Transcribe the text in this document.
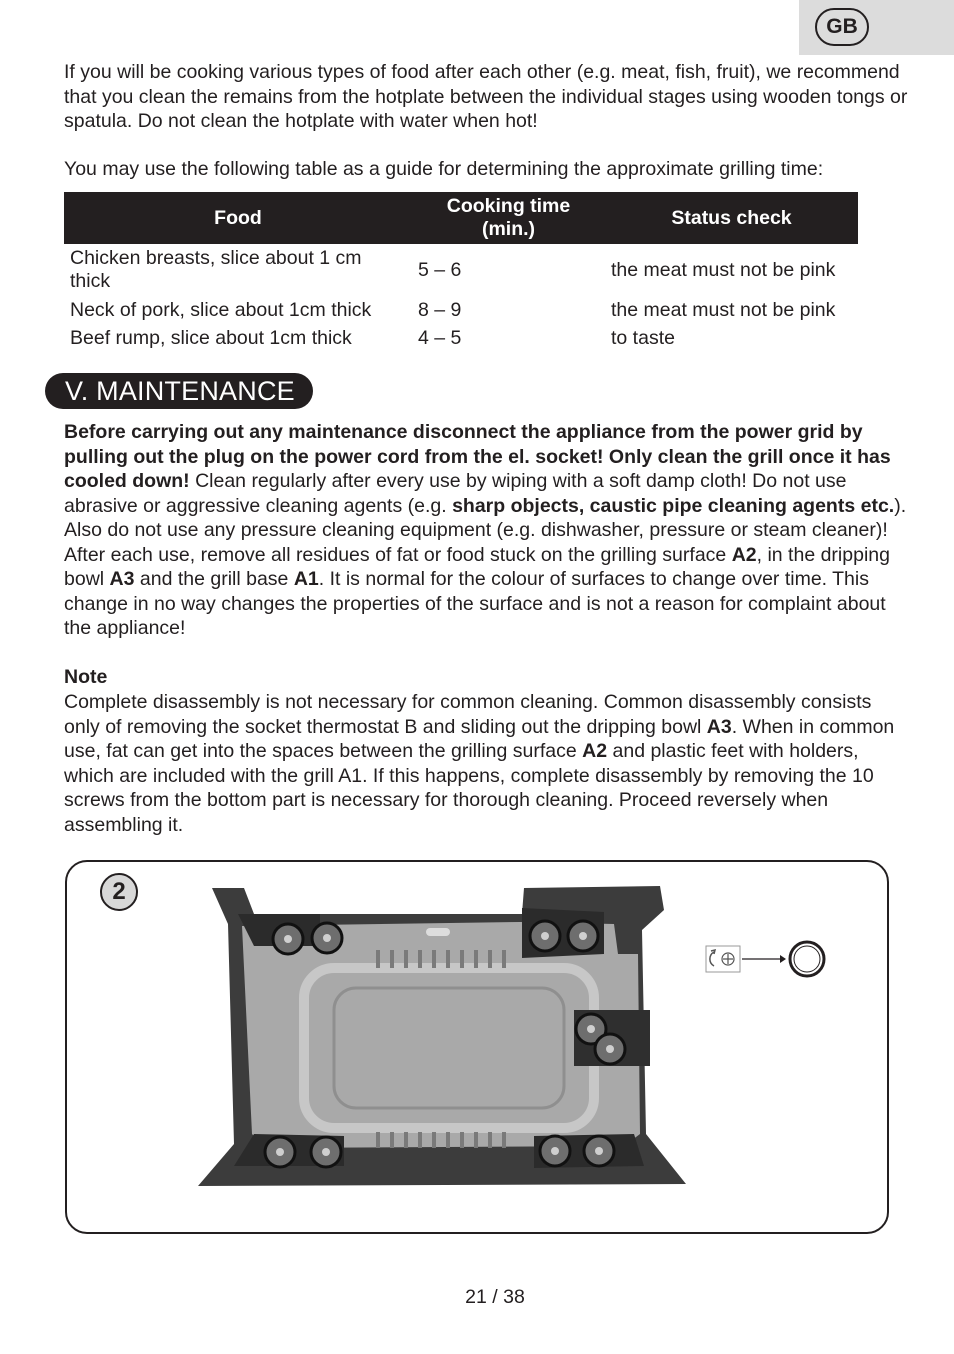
GB

If you will be cooking various types of food after each other (e.g. meat, fish, fruit), we recommend that you clean the remains from the hotplate between the individual stages using wooden tongs or spatula. Do not clean the hotplate with water when hot!

You may use the following table as a guide for determining the approximate grilling time:

Food	Cooking time (min.)	Status check
Chicken breasts, slice about 1 cm thick	5 – 6	the meat must not be pink
Neck of pork, slice about 1cm thick	8 – 9	the meat must not be pink
Beef rump, slice about 1cm thick	4 – 5	to taste
V. MAINTENANCE

Before carrying out any maintenance disconnect the appliance from the power grid by pulling out the plug on the power cord from the el. socket! Only clean the grill once it has cooled down! Clean regularly after every use by wiping with a soft damp cloth! Do not use abrasive or aggressive cleaning agents (e.g. sharp objects, caustic pipe cleaning agents etc.). Also do not use any pressure cleaning equipment (e.g. dishwasher, pressure or steam cleaner)! After each use, remove all residues of fat or food stuck on the grilling surface A2, in the dripping bowl A3 and the grill base A1. It is normal for the colour of surfaces to change over time. This change in no way changes the properties of the surface and is not a reason for complaint about the appliance!

Note

Complete disassembly is not necessary for common cleaning. Common disassembly consists only of removing the socket thermostat B and sliding out the dripping bowl A3. When in common use, fat can get into the spaces between the grilling surface A2 and plastic feet with holders, which are included with the grill A1. If this happens, complete disassembly by removing the 10 screws from the bottom part is necessary for thorough cleaning. Proceed reversely when assembling it.

2
21 / 38
